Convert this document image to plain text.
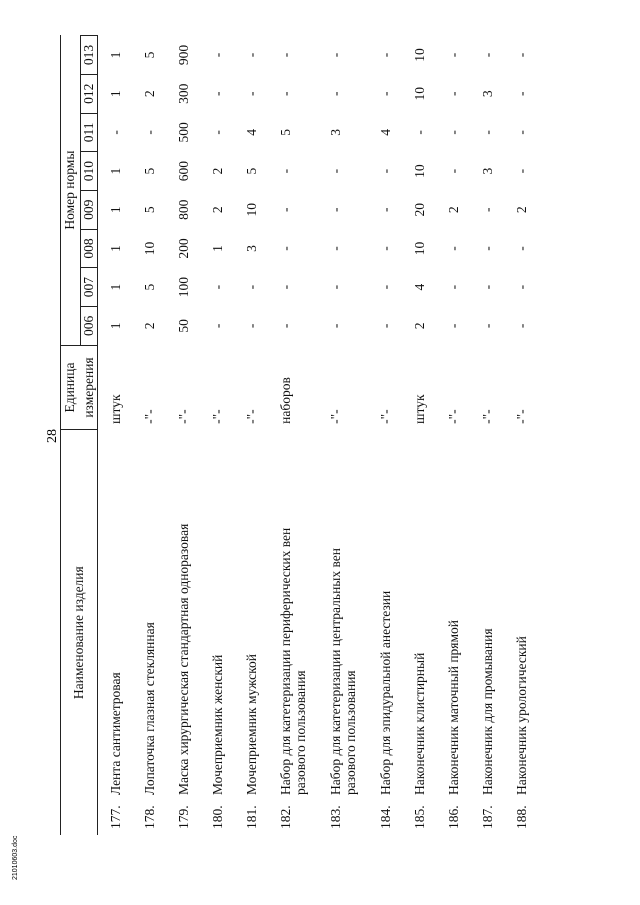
28
Наименование изделия	Единица	Номер нормы							
	измерения	006	007	008	009	010	011	012	013
177.Лента сантиметровая	штук	1	1	1	1	1	-	1	1
178.Лопаточка глазная стеклянная	-"-	2	5	10	5	5	-	2	5
179.Маска хирургическая стандартная одноразовая	-"-	50	100	200	800	600	500	300	900
180.Мочеприемник женский	-"-	-	-	1	2	2	-	-	-
181.Мочеприемник мужской	-"-	-	-	3	10	5	4	-	-
182.Набор для катетеризации периферических вен разового пользования	наборов	-	-	-	-	-	5	-	-
183.Набор для катетеризации центральных вен разового пользования	-"-	-	-	-	-	-	3	-	-
184.Набор для эпидуральной анестезии	-"-	-	-	-	-	-	4	-	-
185.Наконечник клистирный	штук	2	4	10	20	10	-	10	10
186.Наконечник маточный прямой	-"-	-	-	-	2	-	-	-	-
187.Наконечник для промывания	-"-	-	-	-	-	3	-	3	-
188.Наконечник урологический	-"-	-	-	-	2	-	-	-	-
21010603.doc
